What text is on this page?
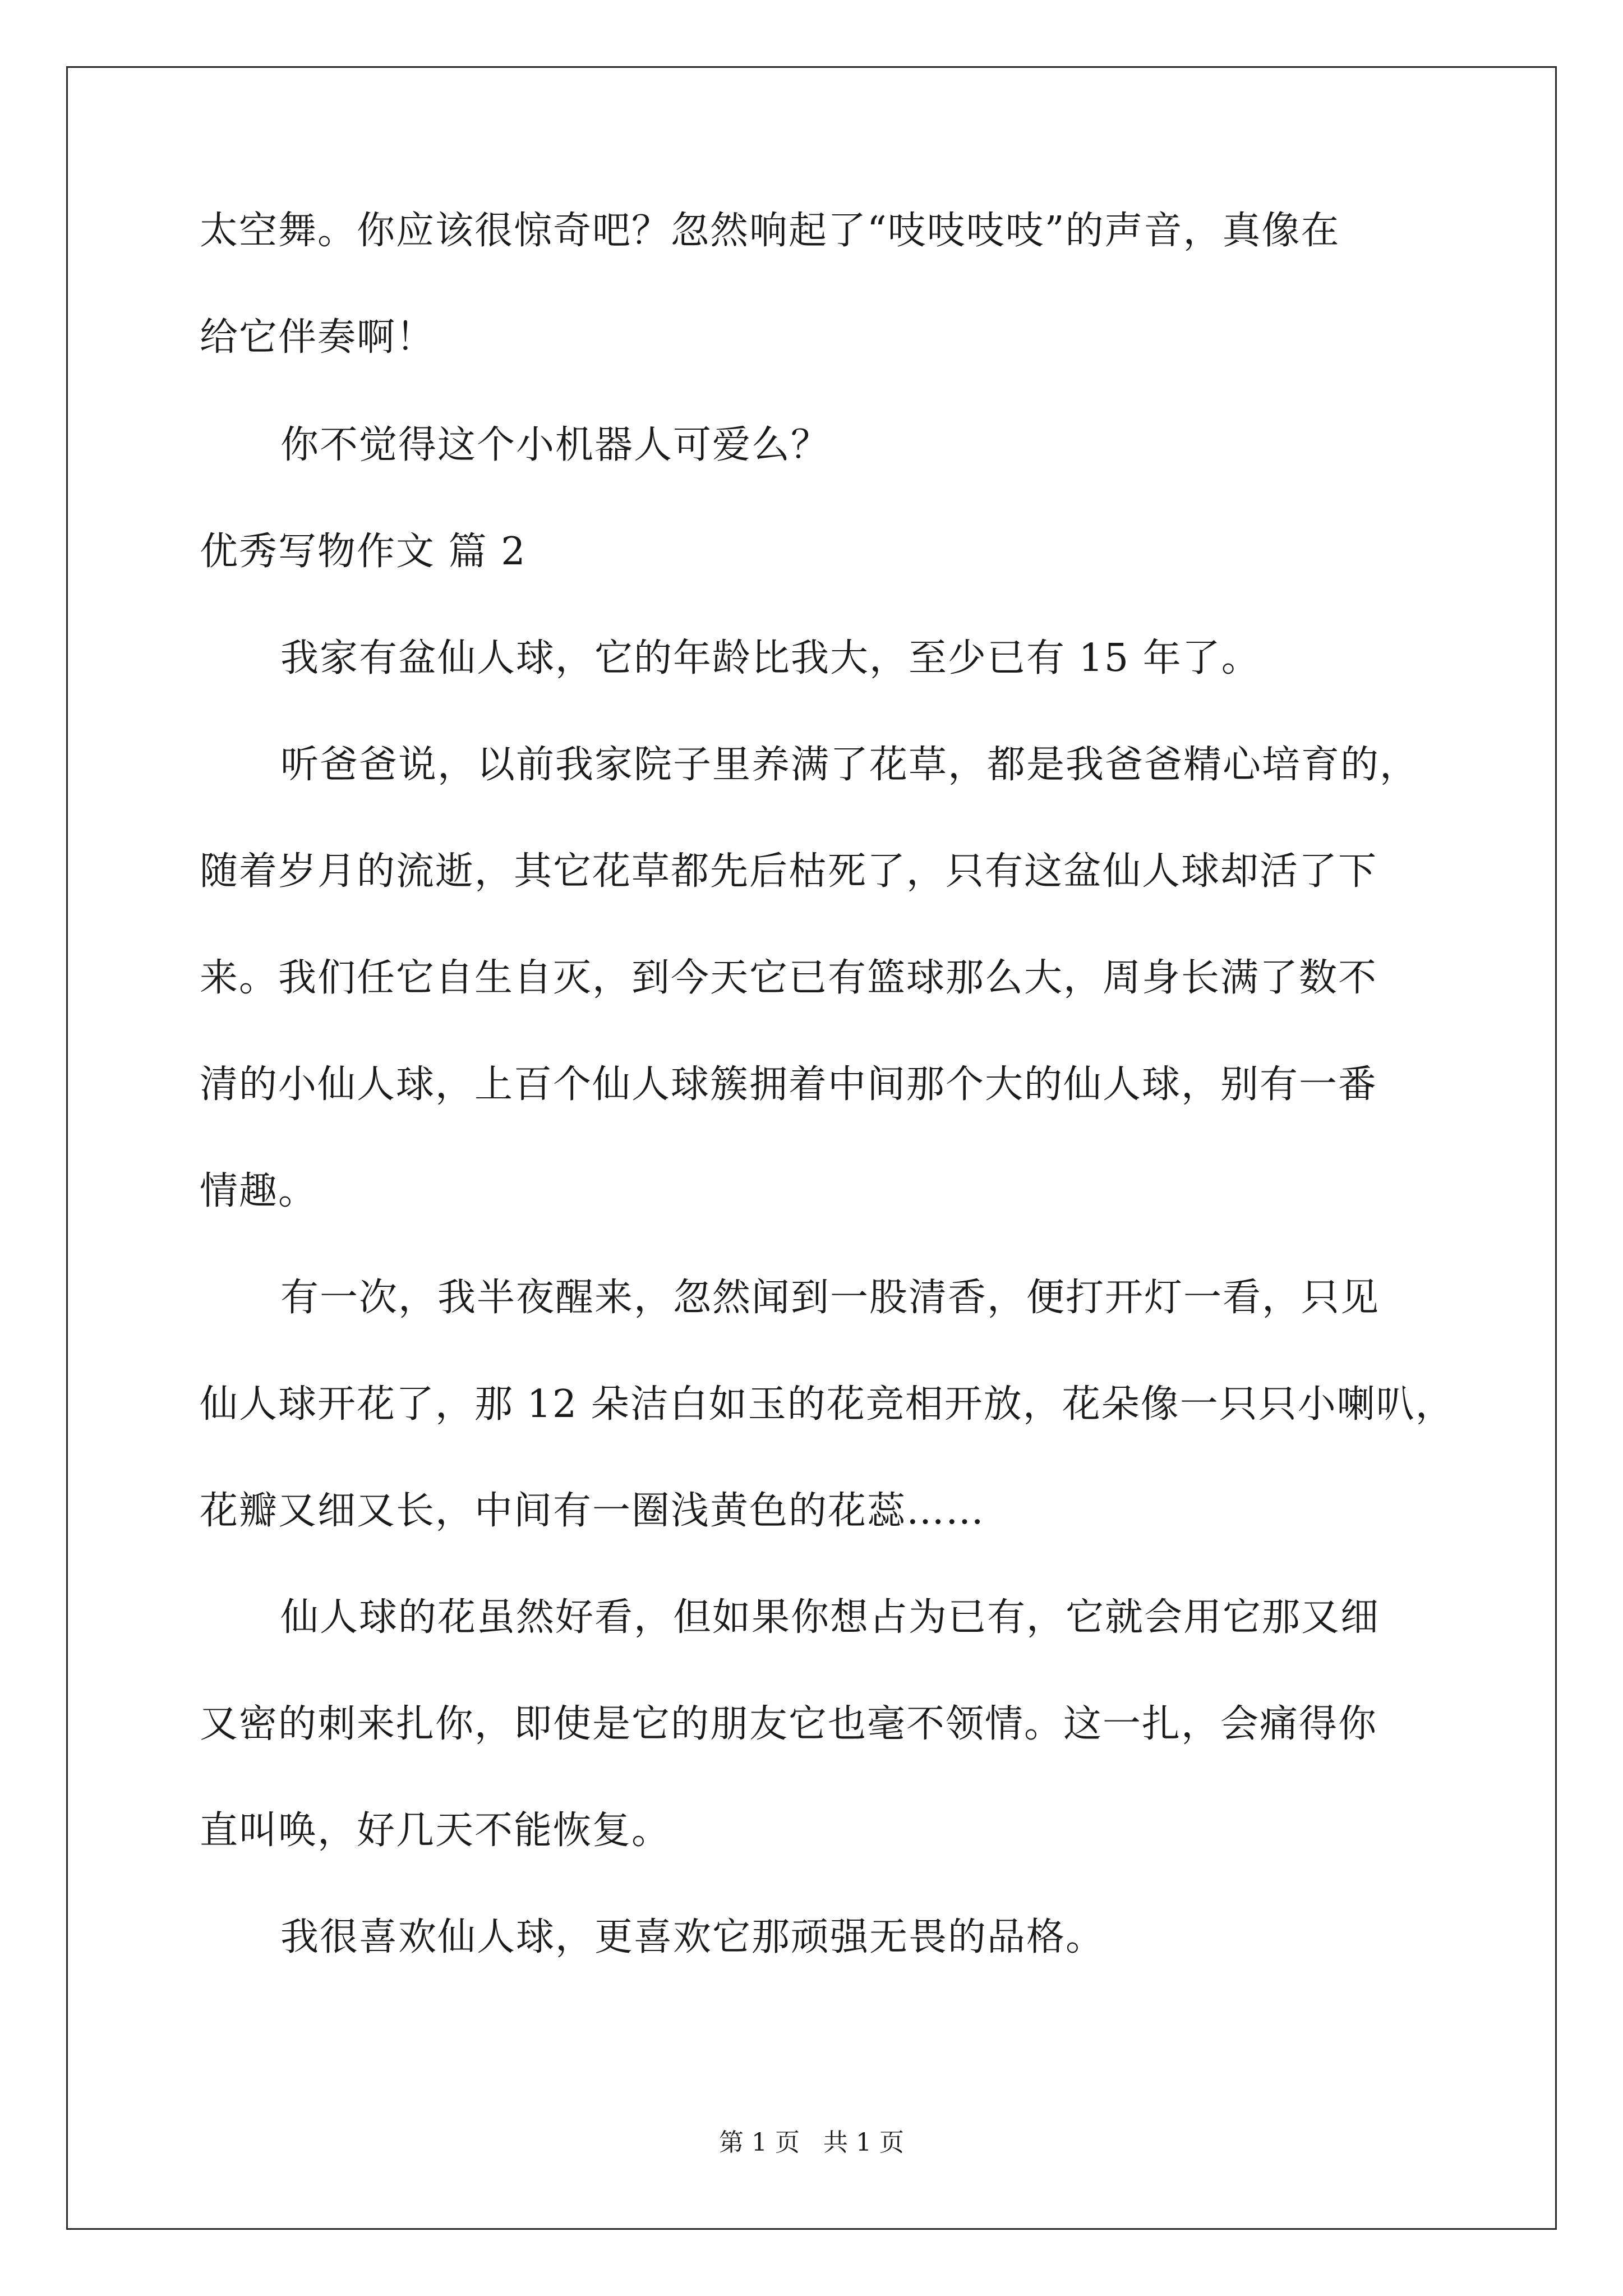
太空舞。你应该很惊奇吧？忽然响起了“吱吱吱吱”的声音，真像在
给它伴奏啊！
你不觉得这个小机器人可爱么？
优秀写物作文 篇 2
我家有盆仙人球，它的年龄比我大，至少已有 15 年了。
听爸爸说，以前我家院子里养满了花草，都是我爸爸精心培育的，
随着岁月的流逝，其它花草都先后枯死了，只有这盆仙人球却活了下
来。我们任它自生自灭，到今天它已有篮球那么大，周身长满了数不
清的小仙人球，上百个仙人球簇拥着中间那个大的仙人球，别有一番
情趣。
有一次，我半夜醒来，忽然闻到一股清香，便打开灯一看，只见
仙人球开花了，那 12 朵洁白如玉的花竞相开放，花朵像一只只小喇叭，
花瓣又细又长，中间有一圈浅黄色的花蕊……
仙人球的花虽然好看，但如果你想占为已有，它就会用它那又细
又密的刺来扎你，即使是它的朋友它也毫不领情。这一扎，会痛得你
直叫唤，好几天不能恢复。
我很喜欢仙人球，更喜欢它那顽强无畏的品格。
第 1 页   共 1 页
